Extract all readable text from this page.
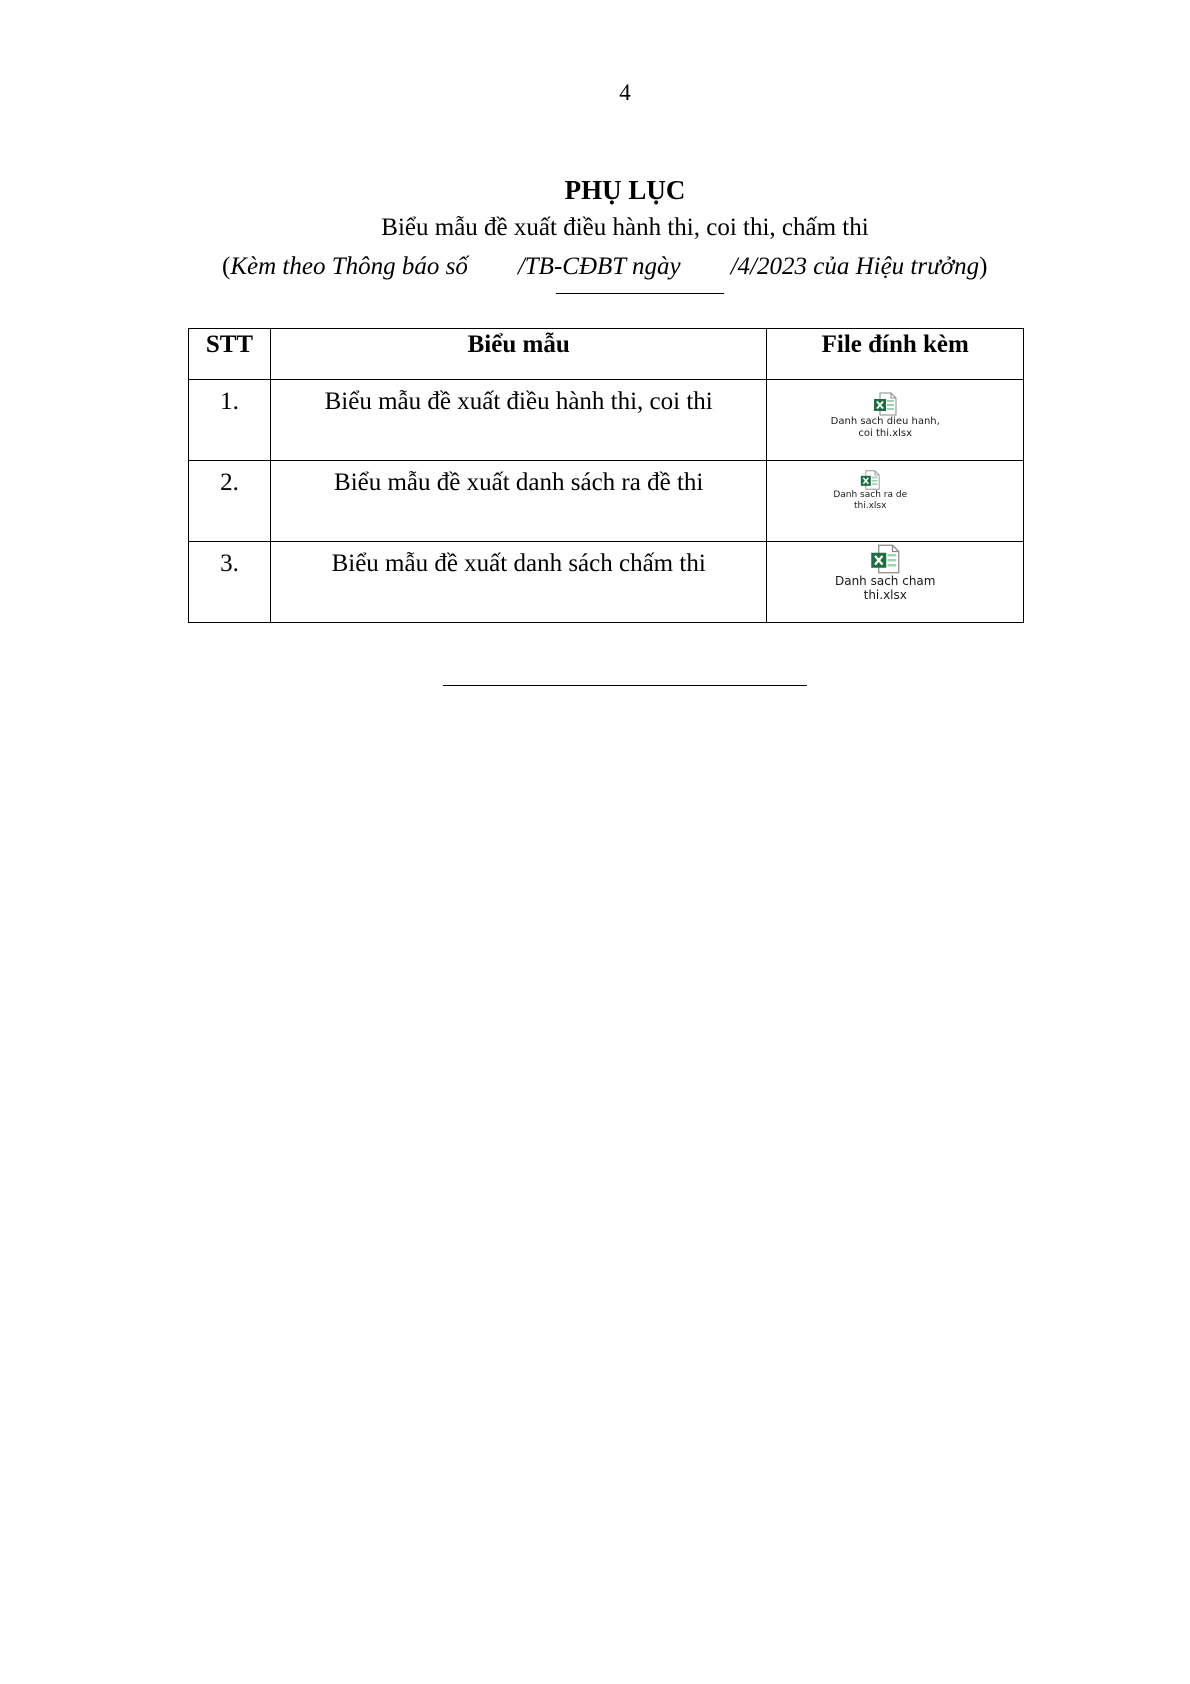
4
PHỤ LỤC
Biểu mẫu đề xuất điều hành thi, coi thi, chấm thi
(Kèm theo Thông báo số /TB-CĐBT ngày /4/2023 của Hiệu trưởng)
STT	Biểu mẫu	File đính kèm

1.	Biểu mẫu đề xuất điều hành thi, coi thi	Danh sach dieu hanh, coi thi.xlsx

2.	Biểu mẫu đề xuất danh sách ra đề thi	Danh sach ra de thi.xlsx

3.	Biểu mẫu đề xuất danh sách chấm thi	Danh sach cham thi.xlsx
